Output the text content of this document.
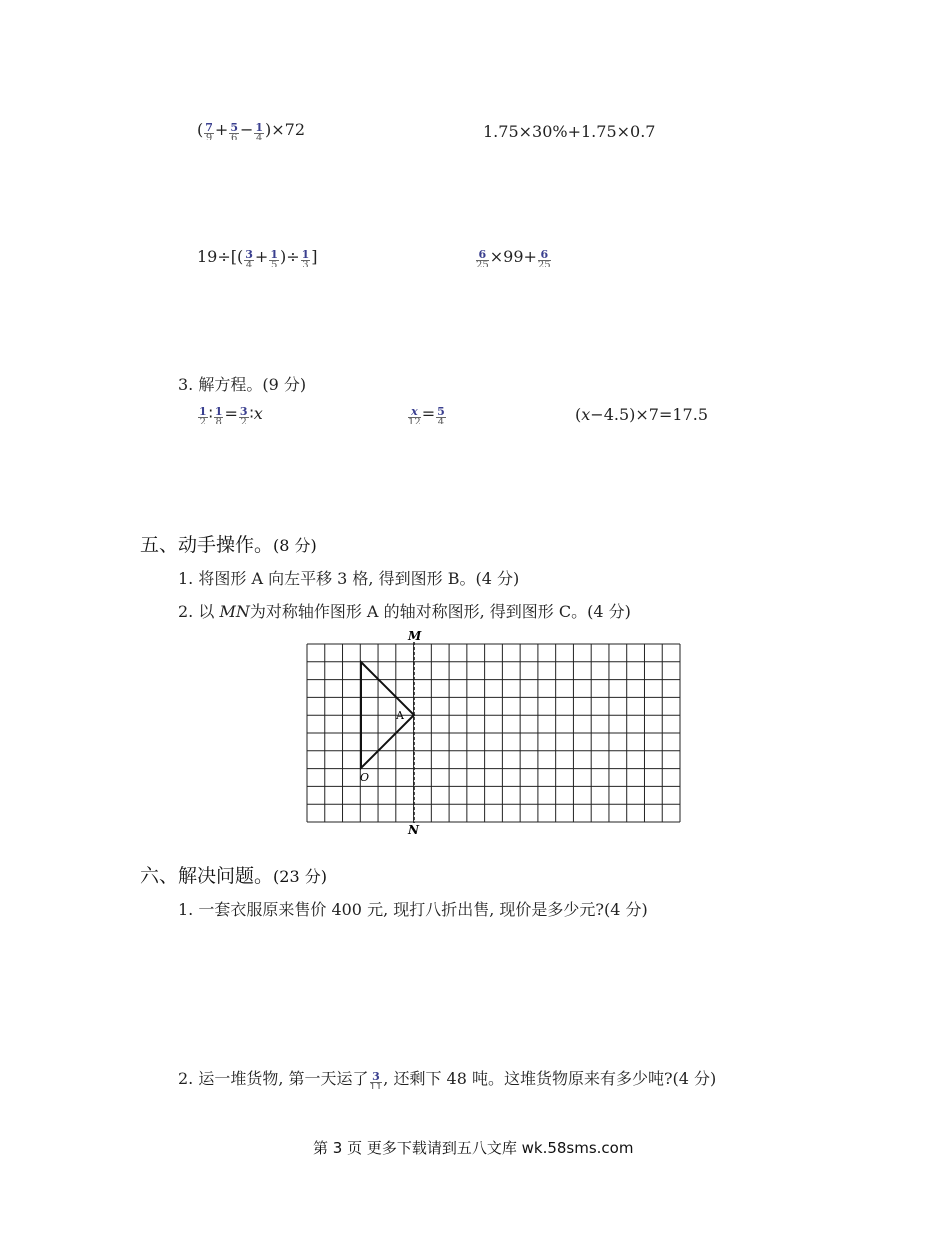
( $\frac{7}{9} + \frac{5}{6} - \frac{1}{4} )\times 72$	1.75×30%+1.75×0.7
$19\div[( \frac{3}{4} + \frac{1}{5}$ )÷ $\frac{1}{3}$ ]	$\frac{6}{25} \times 99+ \frac{6}{25}$
3. 解方程。(9 分)
$\frac{1}{2}$ ∶ $\frac{1}{8} = \frac{3}{2}$ ∶x	$\frac{x}{12} = \frac{5}{4}$	(x−4.5)×7=17.5
五、动手操作。(8 分)
1. 将图形 A 向左平移 3 格, 得到图形 B。(4 分)
2. 以 MN为对称轴作图形 A 的轴对称图形, 得到图形 C。(4 分)
M
N
A
O
六、解决问题。(23 分)
1. 一套衣服原来售价 400 元, 现打八折出售, 现价是多少元?(4 分)
2. 运一堆货物, 第一天运了 $\frac{3}{11}$ , 还剩下 48 吨。这堆货物原来有多少吨?(4 分)
第 3 页 更多下载请到五八文库 wk.58sms.com
